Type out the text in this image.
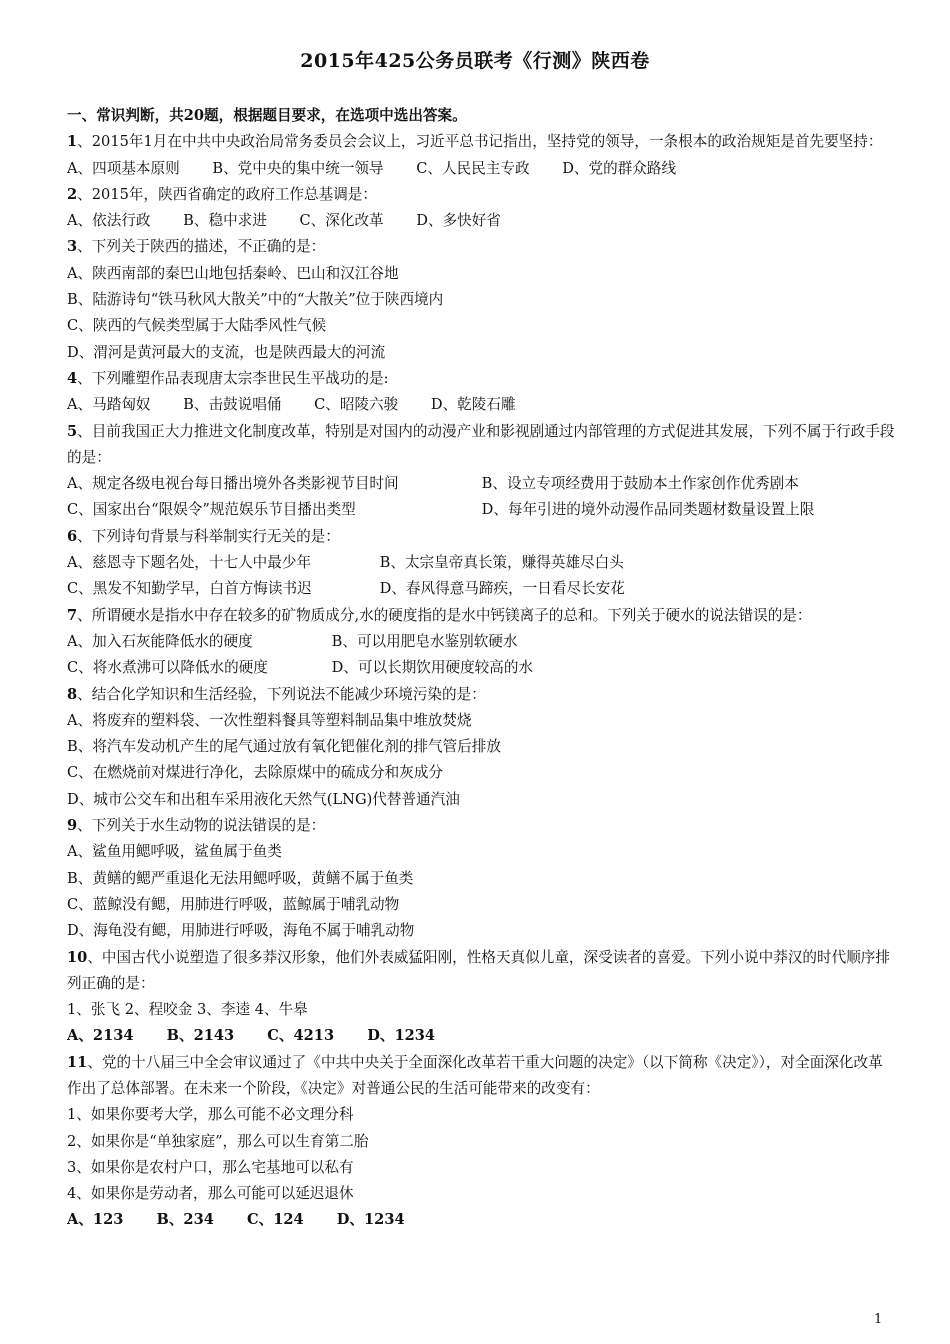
2015年425公务员联考《行测》陕西卷
一、常识判断，共20题，根据题目要求，在选项中选出答案。
1、2015年1月在中共中央政治局常务委员会会议上，习近平总书记指出，坚持党的领导，一条根本的政治规矩是首先要坚持：
A、四项基本原则 B、党中央的集中统一领导 C、人民民主专政 D、党的群众路线
2、2015年，陕西省确定的政府工作总基调是：
A、依法行政 B、稳中求进 C、深化改革 D、多快好省
3、下列关于陕西的描述，不正确的是：
A、陕西南部的秦巴山地包括秦岭、巴山和汉江谷地
B、陆游诗句“铁马秋风大散关”中的“大散关”位于陕西境内
C、陕西的气候类型属于大陆季风性气候
D、渭河是黄河最大的支流，也是陕西最大的河流
4、下列雕塑作品表现唐太宗李世民生平战功的是:
A、马踏匈奴 B、击鼓说唱俑 C、昭陵六骏 D、乾陵石雕
5、目前我国正大力推进文化制度改革，特别是对国内的动漫产业和影视剧通过内部管理的方式促进其发展，下列不属于行政手段的是：
A、规定各级电视台每日播出境外各类影视节目时间	B、设立专项经费用于鼓励本土作家创作优秀剧本
C、国家出台“限娱令”规范娱乐节目播出类型	D、每年引进的境外动漫作品同类题材数量设置上限
6、下列诗句背景与科举制实行无关的是：
A、慈恩寺下题名处，十七人中最少年	B、太宗皇帝真长策，赚得英雄尽白头
C、黑发不知勤学早，白首方悔读书迟	D、春风得意马蹄疾，一日看尽长安花
7、所谓硬水是指水中存在较多的矿物质成分,水的硬度指的是水中钙镁离子的总和。下列关于硬水的说法错误的是：
A、加入石灰能降低水的硬度	B、可以用肥皂水鉴别软硬水
C、将水煮沸可以降低水的硬度	D、可以长期饮用硬度较高的水
8、结合化学知识和生活经验，下列说法不能减少环境污染的是：
A、将废弃的塑料袋、一次性塑料餐具等塑料制品集中堆放焚烧
B、将汽车发动机产生的尾气通过放有氧化钯催化剂的排气管后排放
C、在燃烧前对煤进行净化，去除原煤中的硫成分和灰成分
D、城市公交车和出租车采用液化天然气(LNG)代替普通汽油
9、下列关于水生动物的说法错误的是：
A、鲨鱼用鳃呼吸，鲨鱼属于鱼类
B、黄鳝的鳃严重退化无法用鳃呼吸，黄鳝不属于鱼类
C、蓝鲸没有鳃，用肺进行呼吸，蓝鲸属于哺乳动物
D、海龟没有鳃，用肺进行呼吸，海龟不属于哺乳动物
10、中国古代小说塑造了很多莽汉形象，他们外表威猛阳刚，性格天真似儿童，深受读者的喜爱。下列小说中莽汉的时代顺序排列正确的是：
1、张飞 2、程咬金 3、李逵 4、牛皋
A、2134 B、2143 C、4213 D、1234
11、党的十八届三中全会审议通过了《中共中央关于全面深化改革若干重大问题的决定》（以下简称《决定》），对全面深化改革作出了总体部署。在未来一个阶段，《决定》对普通公民的生活可能带来的改变有：
1、如果你要考大学，那么可能不必文理分科
2、如果你是“单独家庭”，那么可以生育第二胎
3、如果你是农村户口，那么宅基地可以私有
4、如果你是劳动者，那么可能可以延迟退休
A、123 B、234 C、124 D、1234
1
